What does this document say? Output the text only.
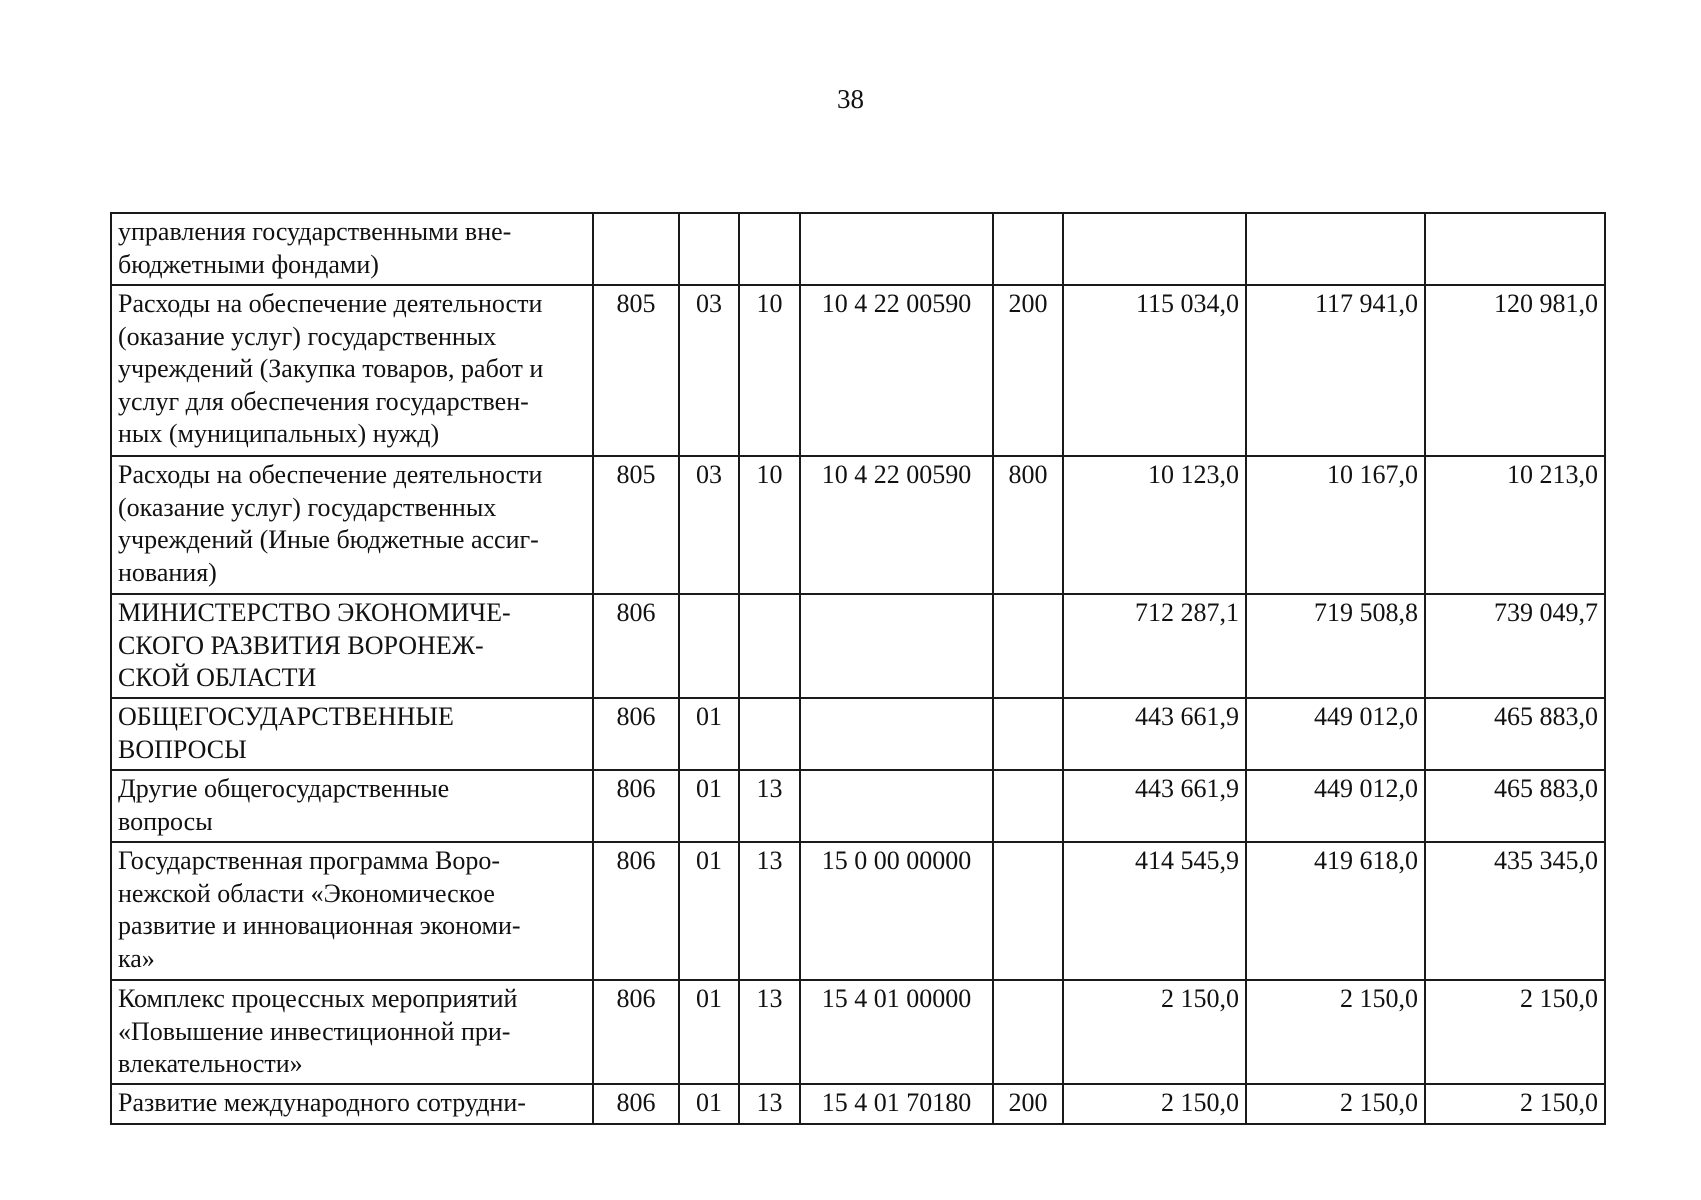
38
управления государственными вне-
бюджетными фондами)								
Расходы на обеспечение деятельности
(оказание услуг) государственных
учреждений (Закупка товаров, работ и
услуг для обеспечения государствен-
ных (муниципальных) нужд)	805	03	10	10 4 22 00590	200	115 034,0	117 941,0	120 981,0
Расходы на обеспечение деятельности
(оказание услуг) государственных
учреждений (Иные бюджетные ассиг-
нования)	805	03	10	10 4 22 00590	800	10 123,0	10 167,0	10 213,0
МИНИСТЕРСТВО ЭКОНОМИЧЕ-
СКОГО РАЗВИТИЯ ВОРОНЕЖ-
СКОЙ ОБЛАСТИ	806					712 287,1	719 508,8	739 049,7
ОБЩЕГОСУДАРСТВЕННЫЕ
ВОПРОСЫ	806	01				443 661,9	449 012,0	465 883,0
Другие общегосударственные
вопросы	806	01	13			443 661,9	449 012,0	465 883,0
Государственная программа Воро-
нежской области «Экономическое
развитие и инновационная экономи-
ка»	806	01	13	15 0 00 00000		414 545,9	419 618,0	435 345,0
Комплекс процессных мероприятий
«Повышение инвестиционной при-
влекательности»	806	01	13	15 4 01 00000		2 150,0	2 150,0	2 150,0
Развитие международного сотрудни-	806	01	13	15 4 01 70180	200	2 150,0	2 150,0	2 150,0
